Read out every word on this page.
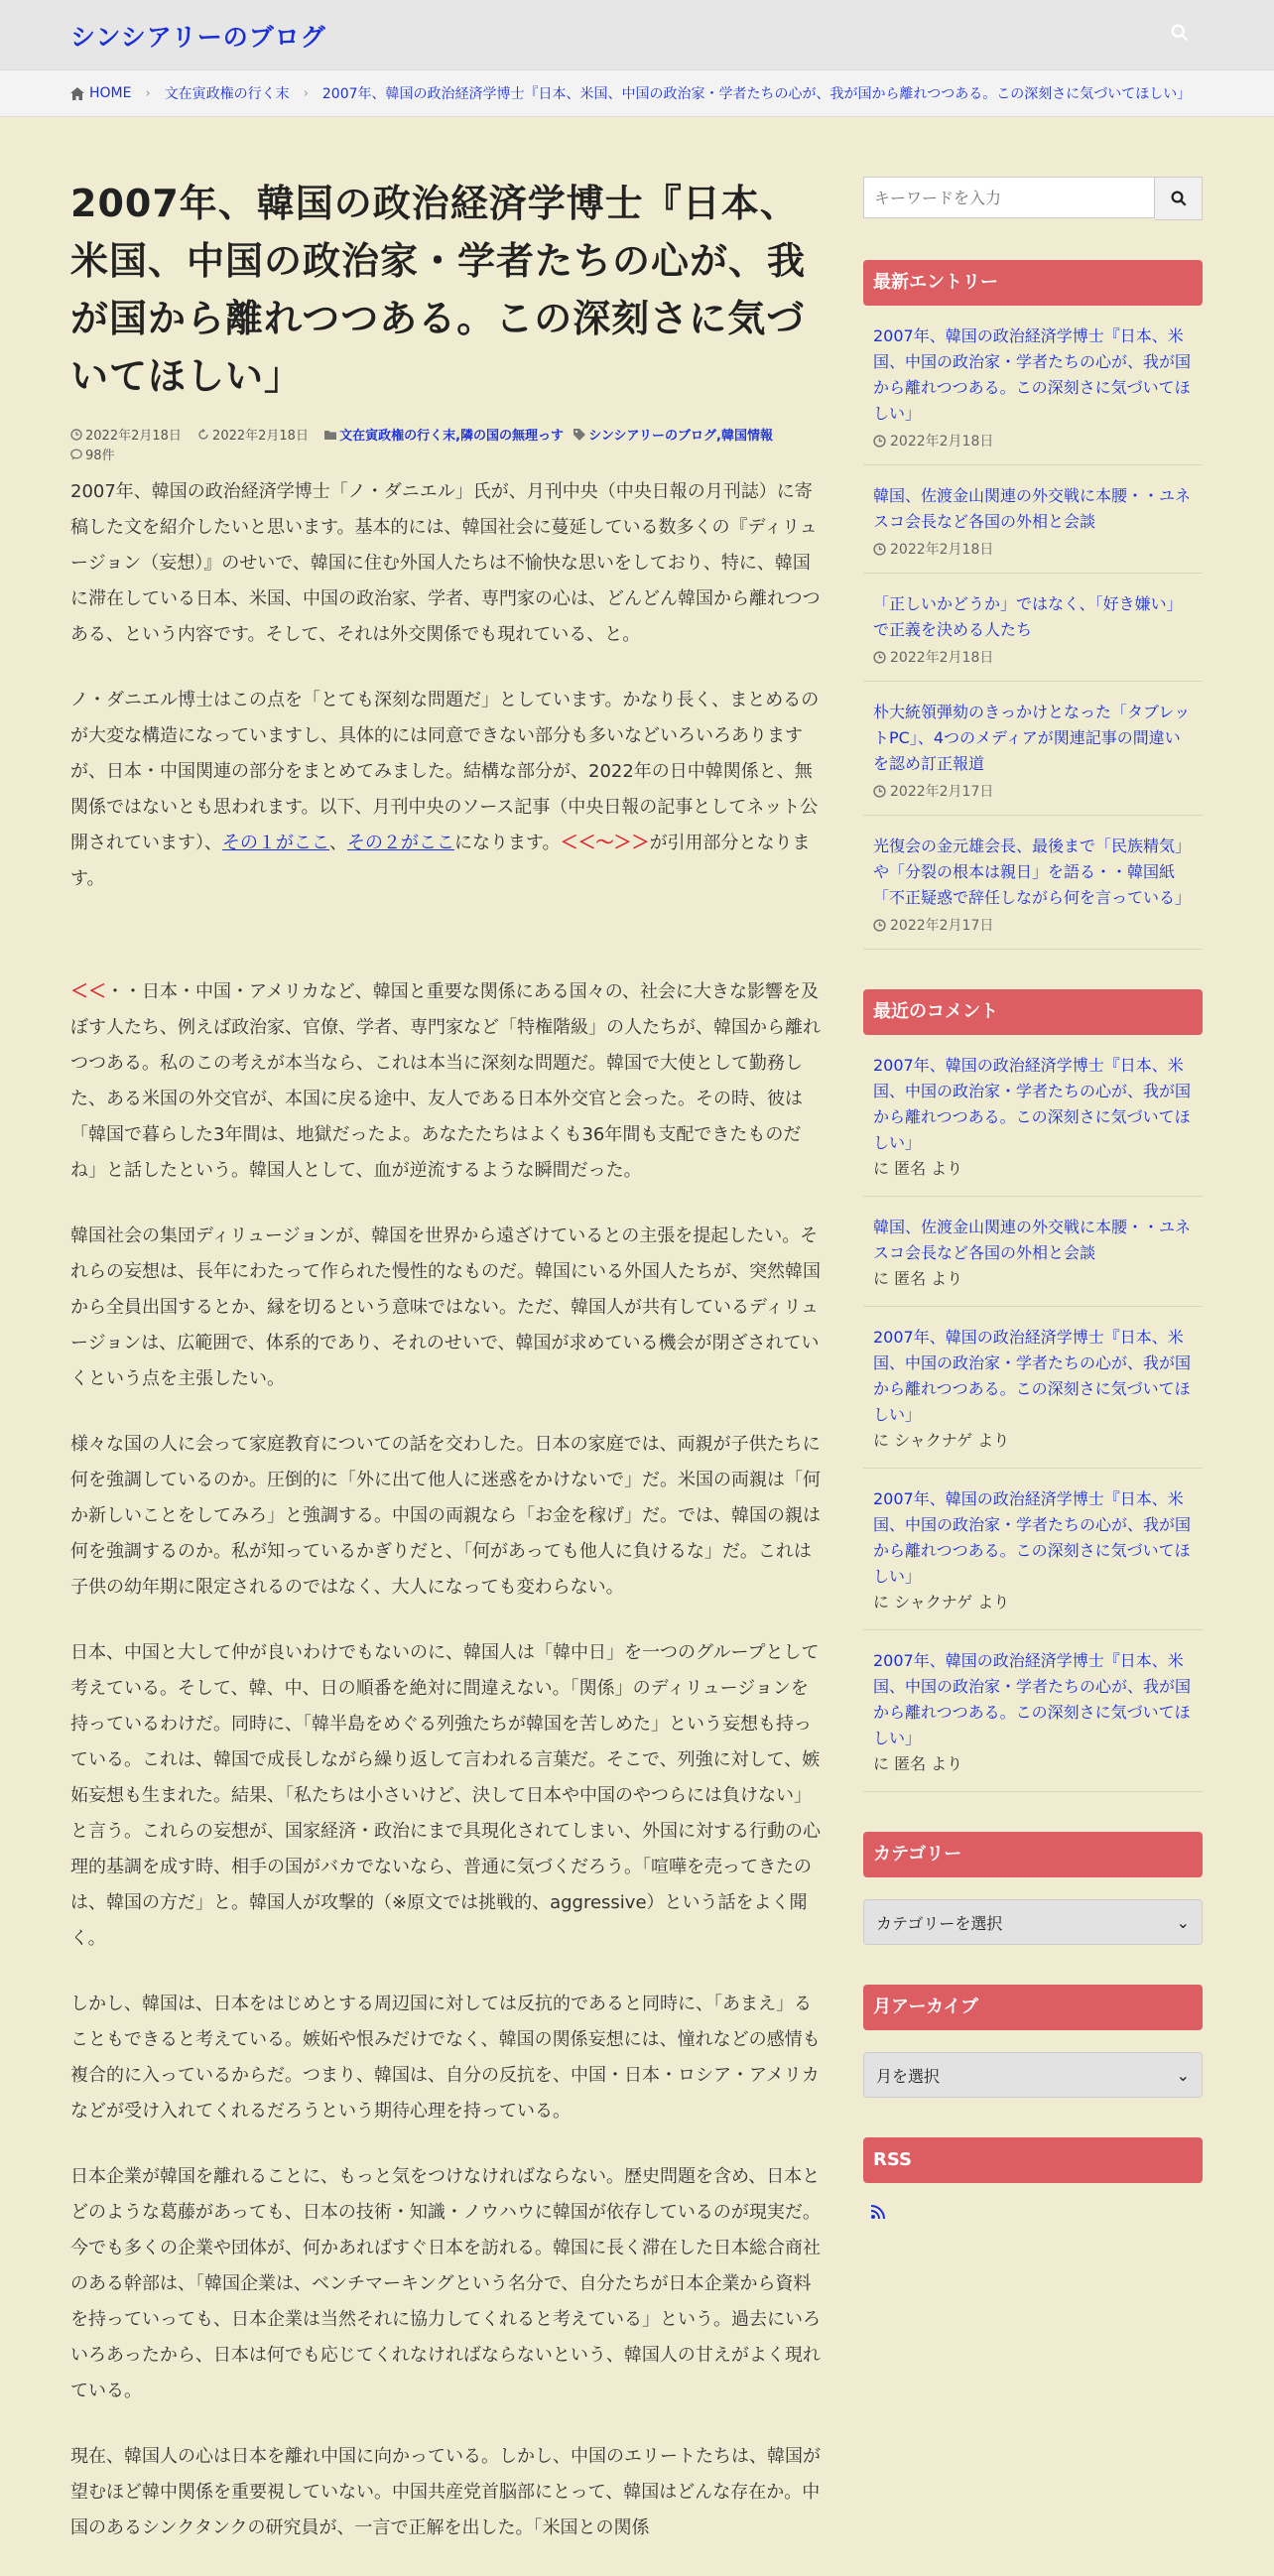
シンシアリーのブログ
HOME › 文在寅政権の行く末 › 2007年、韓国の政治経済学博士『日本、米国、中国の政治家・学者たちの心が、我が国から離れつつある。この深刻さに気づいてほしい」
2007年、韓国の政治経済学博士『日本、米国、中国の政治家・学者たちの心が、我が国から離れつつある。この深刻さに気づいてほしい」
2022年2月18日 2022年2月18日 文在寅政権の行く末,隣の国の無理っす シンシアリーのブログ,韓国情報
98件

2007年、韓国の政治経済学博士「ノ・ダニエル」氏が、月刊中央（中央日報の月刊誌）に寄稿した文を紹介したいと思います。基本的には、韓国社会に蔓延している数多くの『ディリュージョン（妄想）』のせいで、韓国に住む外国人たちは不愉快な思いをしており、特に、韓国に滞在している日本、米国、中国の政治家、学者、専門家の心は、どんどん韓国から離れつつある、という内容です。そして、それは外交関係でも現れている、と。

ノ・ダニエル博士はこの点を「とても深刻な問題だ」としています。かなり長く、まとめるのが大変な構造になっていますし、具体的には同意できない部分も多いなどいろいろありますが、日本・中国関連の部分をまとめてみました。結構な部分が、2022年の日中韓関係と、無関係ではないとも思われます。以下、月刊中央のソース記事（中央日報の記事としてネット公開されています）、その１がここ、その２がここになります。＜＜～＞＞が引用部分となります。

＜＜・・日本・中国・アメリカなど、韓国と重要な関係にある国々の、社会に大きな影響を及ぼす人たち、例えば政治家、官僚、学者、専門家など「特権階級」の人たちが、韓国から離れつつある。私のこの考えが本当なら、これは本当に深刻な問題だ。韓国で大使として勤務した、ある米国の外交官が、本国に戻る途中、友人である日本外交官と会った。その時、彼は「韓国で暮らした3年間は、地獄だったよ。あなたたちはよくも36年間も支配できたものだね」と話したという。韓国人として、血が逆流するような瞬間だった。

韓国社会の集団ディリュージョンが、韓国を世界から遠ざけているとの主張を提起したい。それらの妄想は、長年にわたって作られた慢性的なものだ。韓国にいる外国人たちが、突然韓国から全員出国するとか、縁を切るという意味ではない。ただ、韓国人が共有しているディリュージョンは、広範囲で、体系的であり、それのせいで、韓国が求めている機会が閉ざされていくという点を主張したい。

様々な国の人に会って家庭教育についての話を交わした。日本の家庭では、両親が子供たちに何を強調しているのか。圧倒的に「外に出て他人に迷惑をかけないで」だ。米国の両親は「何か新しいことをしてみろ」と強調する。中国の両親なら「お金を稼げ」だ。では、韓国の親は何を強調するのか。私が知っているかぎりだと、「何があっても他人に負けるな」だ。これは子供の幼年期に限定されるのではなく、大人になっても変わらない。

日本、中国と大して仲が良いわけでもないのに、韓国人は「韓中日」を一つのグループとして考えている。そして、韓、中、日の順番を絶対に間違えない。「関係」のディリュージョンを持っているわけだ。同時に、「韓半島をめぐる列強たちが韓国を苦しめた」という妄想も持っている。これは、韓国で成長しながら繰り返して言われる言葉だ。そこで、列強に対して、嫉妬妄想も生まれた。結果、「私たちは小さいけど、決して日本や中国のやつらには負けない」と言う。これらの妄想が、国家経済・政治にまで具現化されてしまい、外国に対する行動の心理的基調を成す時、相手の国がバカでないなら、普通に気づくだろう。「喧嘩を売ってきたのは、韓国の方だ」と。韓国人が攻撃的（※原文では挑戦的、aggressive）という話をよく聞く。

しかし、韓国は、日本をはじめとする周辺国に対しては反抗的であると同時に、「あまえ」ることもできると考えている。嫉妬や恨みだけでなく、韓国の関係妄想には、憧れなどの感情も複合的に入っているからだ。つまり、韓国は、自分の反抗を、中国・日本・ロシア・アメリカなどが受け入れてくれるだろうという期待心理を持っている。

日本企業が韓国を離れることに、もっと気をつけなければならない。歴史問題を含め、日本とどのような葛藤があっても、日本の技術・知識・ノウハウに韓国が依存しているのが現実だ。今でも多くの企業や団体が、何かあればすぐ日本を訪れる。韓国に長く滞在した日本総合商社のある幹部は、「韓国企業は、ベンチマーキングという名分で、自分たちが日本企業から資料を持っていっても、日本企業は当然それに協力してくれると考えている」という。過去にいろいろあったから、日本は何でも応じてくれなければならないという、韓国人の甘えがよく現れている。

現在、韓国人の心は日本を離れ中国に向かっている。しかし、中国のエリートたちは、韓国が望むほど韓中関係を重要視していない。中国共産党首脳部にとって、韓国はどんな存在か。中国のあるシンクタンクの研究員が、一言で正解を出した。「米国との関係

キーワードを入力
最新エントリー
2007年、韓国の政治経済学博士『日本、米国、中国の政治家・学者たちの心が、我が国から離れつつある。この深刻さに気づいてほしい」
2022年2月18日
韓国、佐渡金山関連の外交戦に本腰・・ユネスコ会長など各国の外相と会談
2022年2月18日
「正しいかどうか」ではなく、「好き嫌い」で正義を決める人たち
2022年2月18日
朴大統領弾劾のきっかけとなった「タブレットPC」、4つのメディアが関連記事の間違いを認め訂正報道
2022年2月17日
光復会の金元雄会長、最後まで「民族精気」や「分裂の根本は親日」を語る・・韓国紙「不正疑惑で辞任しながら何を言っている」
2022年2月17日
最近のコメント
2007年、韓国の政治経済学博士『日本、米国、中国の政治家・学者たちの心が、我が国から離れつつある。この深刻さに気づいてほしい」
に 匿名 より
韓国、佐渡金山関連の外交戦に本腰・・ユネスコ会長など各国の外相と会談
に 匿名 より
2007年、韓国の政治経済学博士『日本、米国、中国の政治家・学者たちの心が、我が国から離れつつある。この深刻さに気づいてほしい」
に シャクナゲ より
2007年、韓国の政治経済学博士『日本、米国、中国の政治家・学者たちの心が、我が国から離れつつある。この深刻さに気づいてほしい」
に シャクナゲ より
2007年、韓国の政治経済学博士『日本、米国、中国の政治家・学者たちの心が、我が国から離れつつある。この深刻さに気づいてほしい」
に 匿名 より
カテゴリー
カテゴリーを選択	⌄
月アーカイブ
月を選択	⌄
RSS
